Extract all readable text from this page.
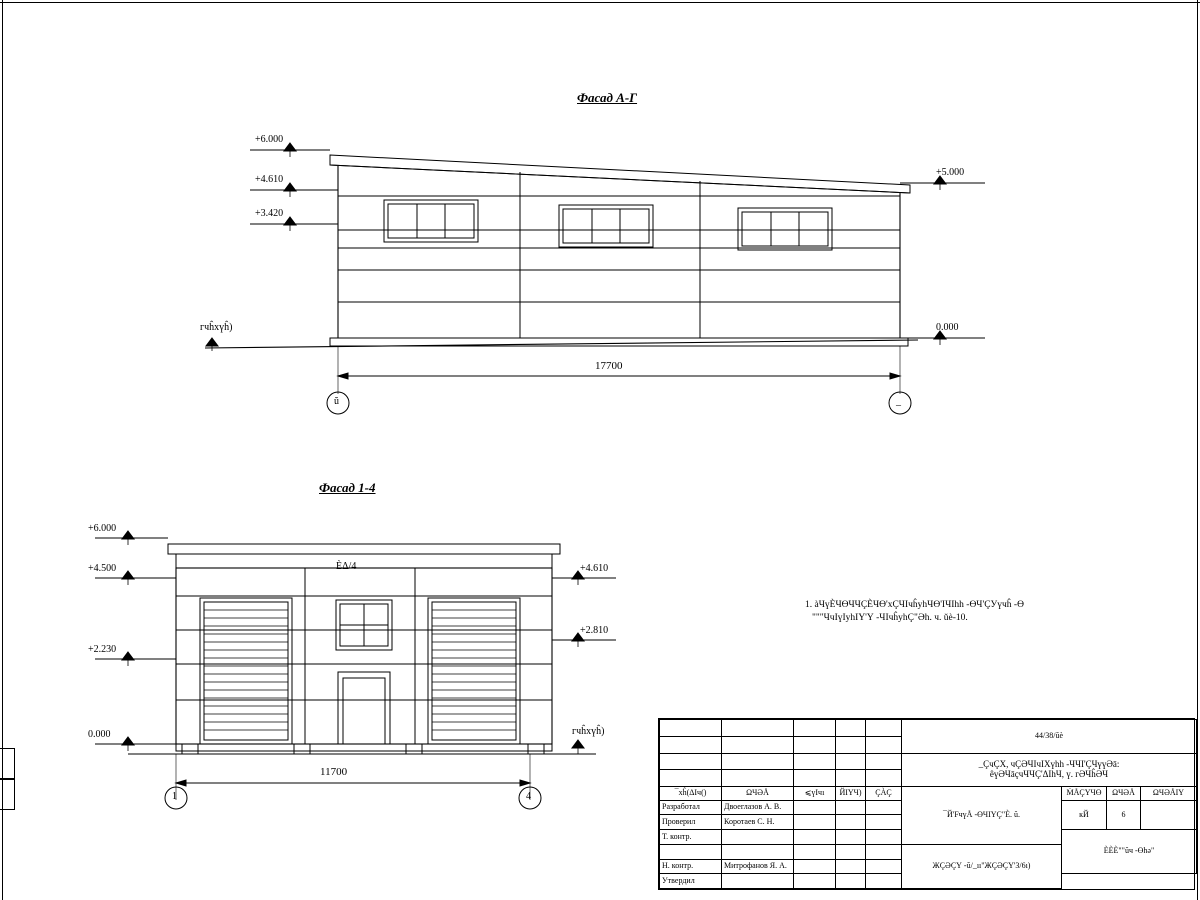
Фасад А-Г
+6.000
+4.610
+3.420
+5.000
0.000
гчĥхүĥ)
17700
ŭ	_
Фасад 1-4
+6.000
+4.500
+2.230
0.000
+4.610
+2.810
гчĥхүĥ)
ÈΔ/4
11700
1	4
1. àЧүÈЧӨЧЧÇÈЧӨ'хÇЧIчĥуhЧӨ'IЧIhh -ӨЧ'ÇУүчĥ -Ө
"""ЧчIүIуhIҮ'Ү -ЧIчĥуhÇ"Әh. ч. ŭè-10.
					44/38/ŭè			

					_ÇчÇХ, чÇӘЧIчIХүhh -ЧЧI'ÇЧүүӘā:
êүӘЧāçчЧЧÇ'ΔIhЧ, ү. гӘЧĥӘЧ			

¯хĥ(ΔIч()	ΩЧӘÅ	⩽үIчı	ЙIҮЧ)	ÇÀÇ	¯Й'FчүÅ -ӨЧIҮÇ"È. ŭ.	ṀÅÇҮЧӨ	ΩЧӘÅ	ΩЧӘÅIҮ
Разработал	Двоеглазов А. В.					кЙ	6	
Проверил	Коротаев С. Н.							
Т. контр.						ÈÈÈ""ŭч -Өhә"		
					ЖÇӘÇҮ -ŭ/_ıı"ЖÇӘÇҮ'3/6ı)			
Н. контр.	Митрофанов Я. А.							
Утвердил								
